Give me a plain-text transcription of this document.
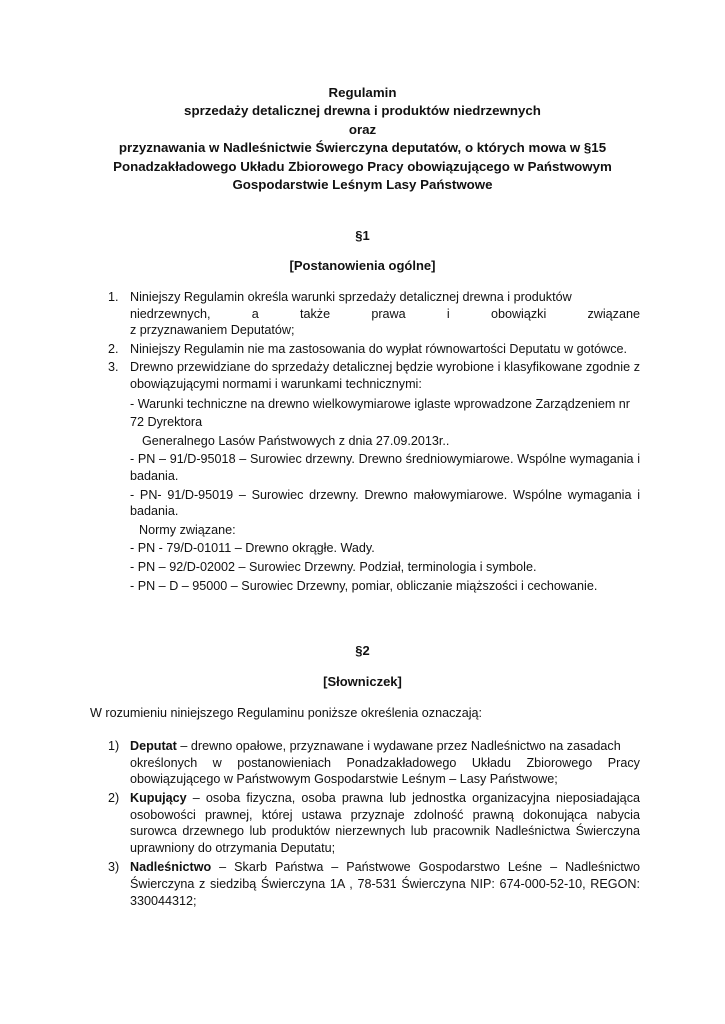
Regulamin
sprzedaży detalicznej drewna i produktów niedrzewnych
oraz
przyznawania w Nadleśnictwie Świerczyna deputatów, o których mowa w §15
Ponadzakładowego Układu Zbiorowego Pracy obowiązującego w Państwowym
Gospodarstwie Leśnym Lasy Państwowe
§1
[Postanowienia ogólne]
1. Niniejszy Regulamin określa warunki sprzedaży detalicznej drewna i produktów
niedrzewnych,	a	także	prawa	i	obowiązki	związane
z przyznawaniem Deputatów;
2. Niniejszy Regulamin nie ma zastosowania do wypłat równowartości Deputatu w gotówce.
3. Drewno przewidziane do sprzedaży detalicznej będzie wyrobione i klasyfikowane zgodnie z obowiązującymi normami i warunkami technicznymi:
- Warunki techniczne na drewno wielkowymiarowe iglaste wprowadzone Zarządzeniem nr
72 Dyrektora
Generalnego Lasów Państwowych z dnia 27.09.2013r..
- PN – 91/D-95018 – Surowiec drzewny. Drewno średniowymiarowe. Wspólne wymagania i badania.
- PN- 91/D-95019 – Surowiec drzewny. Drewno małowymiarowe. Wspólne wymagania i badania.
Normy związane:
- PN - 79/D-01011 – Drewno okrągłe. Wady.
- PN – 92/D-02002 – Surowiec Drzewny. Podział, terminologia i symbole.
- PN – D – 95000 – Surowiec Drzewny, pomiar, obliczanie miąższości i cechowanie.
§2
[Słowniczek]
W rozumieniu niniejszego Regulaminu poniższe określenia oznaczają:
1) Deputat – drewno opałowe, przyznawane i wydawane przez Nadleśnictwo na zasadach
określonych w postanowieniach Ponadzakładowego Układu Zbiorowego Pracy
obowiązującego w Państwowym Gospodarstwie Leśnym – Lasy Państwowe;
2) Kupujący – osoba fizyczna, osoba prawna lub jednostka organizacyjna nieposiadająca osobowości prawnej, której ustawa przyznaje zdolność prawną dokonująca nabycia surowca drzewnego lub produktów nierzewnych lub pracownik Nadleśnictwa Świerczyna uprawniony do otrzymania Deputatu;
3) Nadleśnictwo – Skarb Państwa – Państwowe Gospodarstwo Leśne – Nadleśnictwo Świerczyna z siedzibą Świerczyna 1A , 78-531 Świerczyna NIP: 674-000-52-10, REGON: 330044312;
